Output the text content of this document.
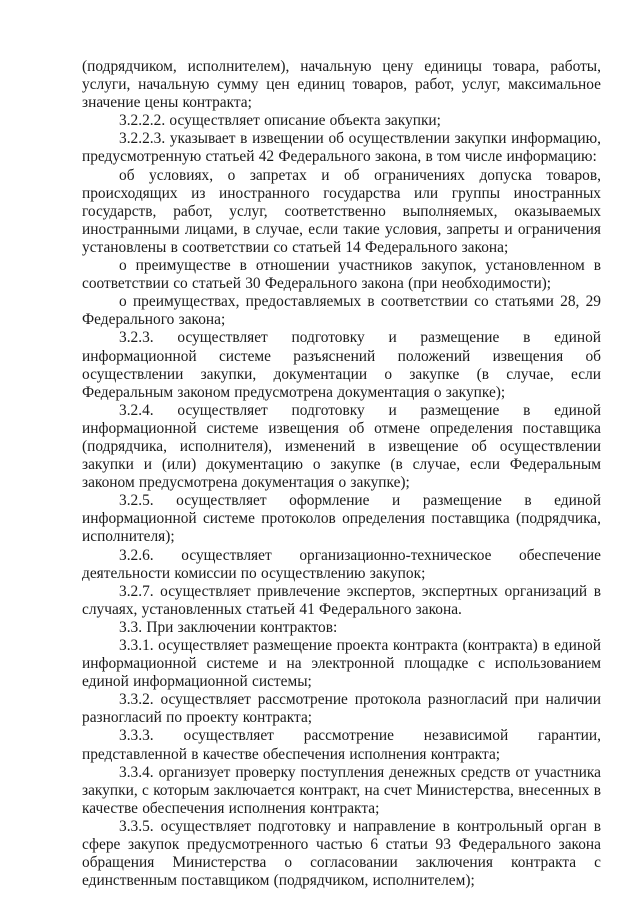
(подрядчиком, исполнителем), начальную цену единицы товара, работы, услуги, начальную сумму цен единиц товаров, работ, услуг, максимальное значение цены контракта;

3.2.2.2. осуществляет описание объекта закупки;

3.2.2.3. указывает в извещении об осуществлении закупки информацию, предусмотренную статьей 42 Федерального закона, в том числе информацию:

об условиях, о запретах и об ограничениях допуска товаров, происходящих из иностранного государства или группы иностранных государств, работ, услуг, соответственно выполняемых, оказываемых иностранными лицами, в случае, если такие условия, запреты и ограничения установлены в соответствии со статьей 14 Федерального закона;

о преимуществе в отношении участников закупок, установленном в соответствии со статьей 30 Федерального закона (при необходимости);

о преимуществах, предоставляемых в соответствии со статьями 28, 29 Федерального закона;

3.2.3. осуществляет подготовку и размещение в единой информационной системе разъяснений положений извещения об осуществлении закупки, документации о закупке (в случае, если Федеральным законом предусмотрена документация о закупке);

3.2.4. осуществляет подготовку и размещение в единой информационной системе извещения об отмене определения поставщика (подрядчика, исполнителя), изменений в извещение об осуществлении закупки и (или) документацию о закупке (в случае, если Федеральным законом предусмотрена документация о закупке);

3.2.5. осуществляет оформление и размещение в единой информационной системе протоколов определения поставщика (подрядчика, исполнителя);

3.2.6. осуществляет организационно-техническое обеспечение деятельности комиссии по осуществлению закупок;

3.2.7. осуществляет привлечение экспертов, экспертных организаций в случаях, установленных статьей 41 Федерального закона.

3.3. При заключении контрактов:

3.3.1. осуществляет размещение проекта контракта (контракта) в единой информационной системе и на электронной площадке с использованием единой информационной системы;

3.3.2. осуществляет рассмотрение протокола разногласий при наличии разногласий по проекту контракта;

3.3.3. осуществляет рассмотрение независимой гарантии, представленной в качестве обеспечения исполнения контракта;

3.3.4. организует проверку поступления денежных средств от участника закупки, с которым заключается контракт, на счет Министерства, внесенных в качестве обеспечения исполнения контракта;

3.3.5. осуществляет подготовку и направление в контрольный орган в сфере закупок предусмотренного частью 6 статьи 93 Федерального закона обращения Министерства о согласовании заключения контракта с единственным поставщиком (подрядчиком, исполнителем);
